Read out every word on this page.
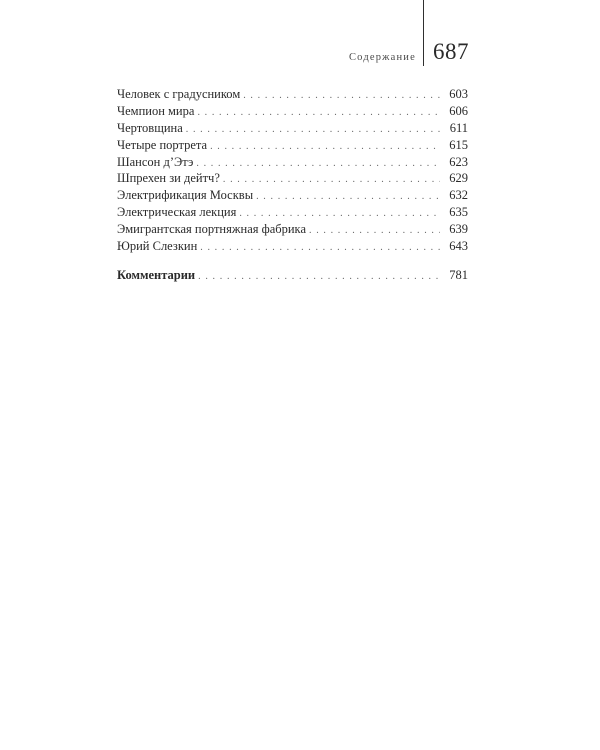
Содержание 687
Человек с градусником . . .	603
Чемпион мира . . .	606
Чертовщина . . .	611
Четыре портрета . . .	615
Шансон д’Этэ . . .	623
Шпрехен зи дейтч? . . .	629
Электрификация Москвы . . .	632
Электрическая лекция . . .	635
Эмигрантская портняжная фабрика . . .	639
Юрий Слезкин . . .	643
Комментарии . . .	781
